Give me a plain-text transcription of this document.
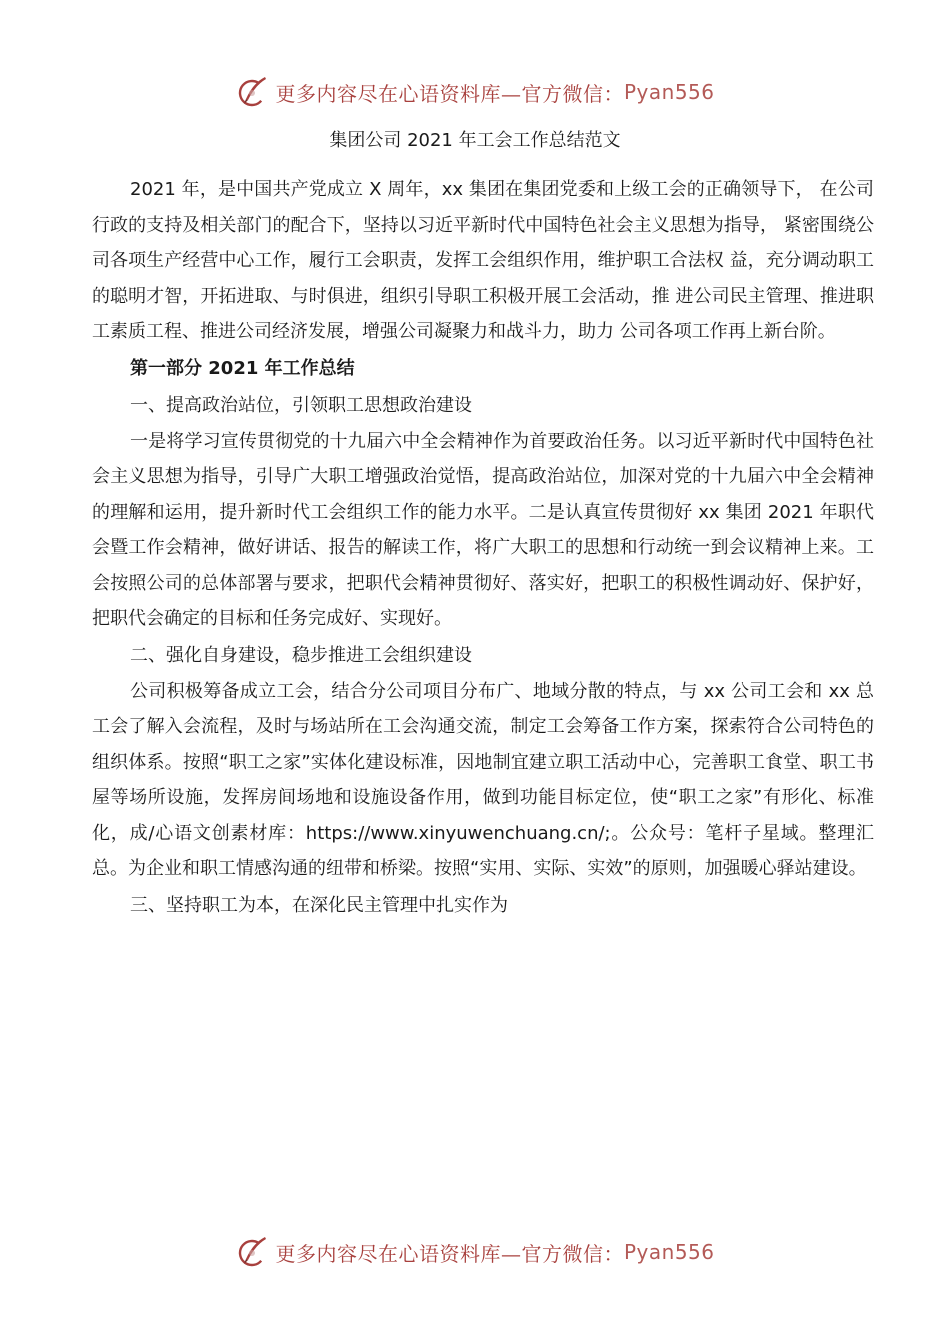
更多内容尽在心语资料库—官方微信： Pyan556
集团公司 2021 年工会工作总结范文

2021 年，是中国共产党成立 X 周年，xx 集团在集团党委和上级工会的正确领导下， 在公司行政的支持及相关部门的配合下，坚持以习近平新时代中国特色社会主义思想为指导， 紧密围绕公司各项生产经营中心工作，履行工会职责，发挥工会组织作用，维护职工合法权 益，充分调动职工的聪明才智，开拓进取、与时俱进，组织引导职工积极开展工会活动，推 进公司民主管理、推进职工素质工程、推进公司经济发展，增强公司凝聚力和战斗力，助力 公司各项工作再上新台阶。

第一部分 2021 年工作总结

一、提高政治站位，引领职工思想政治建设

一是将学习宣传贯彻党的十九届六中全会精神作为首要政治任务。以习近平新时代中国特色社会主义思想为指导，引导广大职工增强政治觉悟，提高政治站位，加深对党的十九届六中全会精神的理解和运用，提升新时代工会组织工作的能力水平。二是认真宣传贯彻好 xx 集团 2021 年职代会暨工作会精神，做好讲话、报告的解读工作，将广大职工的思想和行动统一到会议精神上来。工会按照公司的总体部署与要求，把职代会精神贯彻好、落实好，把职工的积极性调动好、保护好，把职代会确定的目标和任务完成好、实现好。

二、强化自身建设，稳步推进工会组织建设

公司积极筹备成立工会，结合分公司项目分布广、地域分散的特点，与 xx 公司工会和 xx 总工会了解入会流程，及时与场站所在工会沟通交流，制定工会筹备工作方案，探索符合公司特色的组织体系。按照“职工之家”实体化建设标准，因地制宜建立职工活动中心，完善职工食堂、职工书屋等场所设施，发挥房间场地和设施设备作用，做到功能目标定位，使“职工之家”有形化、标准化，成/心语文创素材库：https://www.xinyuwenchuang.cn/;。公众号：笔杆子星域。整理汇总。为企业和职工情感沟通的纽带和桥梁。按照“实用、实际、实效”的原则，加强暖心驿站建设。

三、坚持职工为本，在深化民主管理中扎实作为

更多内容尽在心语资料库—官方微信： Pyan556
